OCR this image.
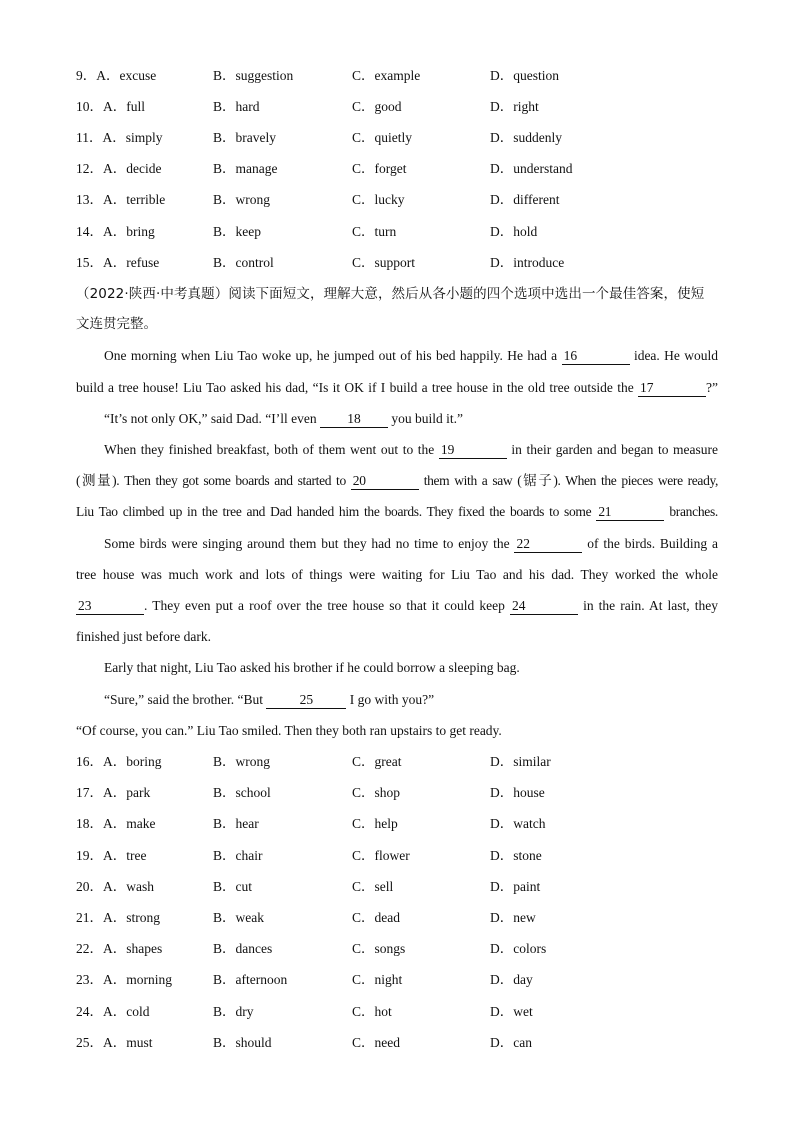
9．A．excuse	B．suggestion	C．example	D．question
10．A．full	B．hard	C．good	D．right
11．A．simply	B．bravely	C．quietly	D．suddenly
12．A．decide	B．manage	C．forget	D．understand
13．A．terrible	B．wrong	C．lucky	D．different
14．A．bring	B．keep	C．turn	D．hold
15．A．refuse	B．control	C．support	D．introduce
（2022·陕西·中考真题）阅读下面短文，理解大意，然后从各小题的四个选项中选出一个最佳答案，使短
文连贯完整。
One morning when Liu Tao woke up, he jumped out of his bed happily. He had a 16	idea. He would
build a tree house! Liu Tao asked his dad, “Is it OK if I build a tree house in the old tree outside the 17	?”
“It’s not only OK,” said Dad. “I’ll even 18 you build it.”
When they finished breakfast, both of them went out to the 19	in their garden and began to measure
(测量). Then they got some boards and started to 20	them with a saw (锯子). When the pieces were ready,
Liu Tao climbed up in the tree and Dad handed him the boards. They fixed the boards to some 21	branches.
Some birds were singing around them but they had no time to enjoy the 22	of the birds. Building a
tree house was much work and lots of things were waiting for Liu Tao and his dad. They worked the whole
23	. They even put a roof over the tree house so that it could keep 24	in the rain. At last, they
finished just before dark.
Early that night, Liu Tao asked his brother if he could borrow a sleeping bag.
“Sure,” said the brother. “But	25	I go with you?”
“Of course, you can.” Liu Tao smiled. Then they both ran upstairs to get ready.
16．A．boring	B．wrong	C．great	D．similar
17．A．park	B．school	C．shop	D．house
18．A．make	B．hear	C．help	D．watch
19．A．tree	B．chair	C．flower	D．stone
20．A．wash	B．cut	C．sell	D．paint
21．A．strong	B．weak	C．dead	D．new
22．A．shapes	B．dances	C．songs	D．colors
23．A．morning	B．afternoon	C．night	D．day
24．A．cold	B．dry	C．hot	D．wet
25．A．must	B．should	C．need	D．can
